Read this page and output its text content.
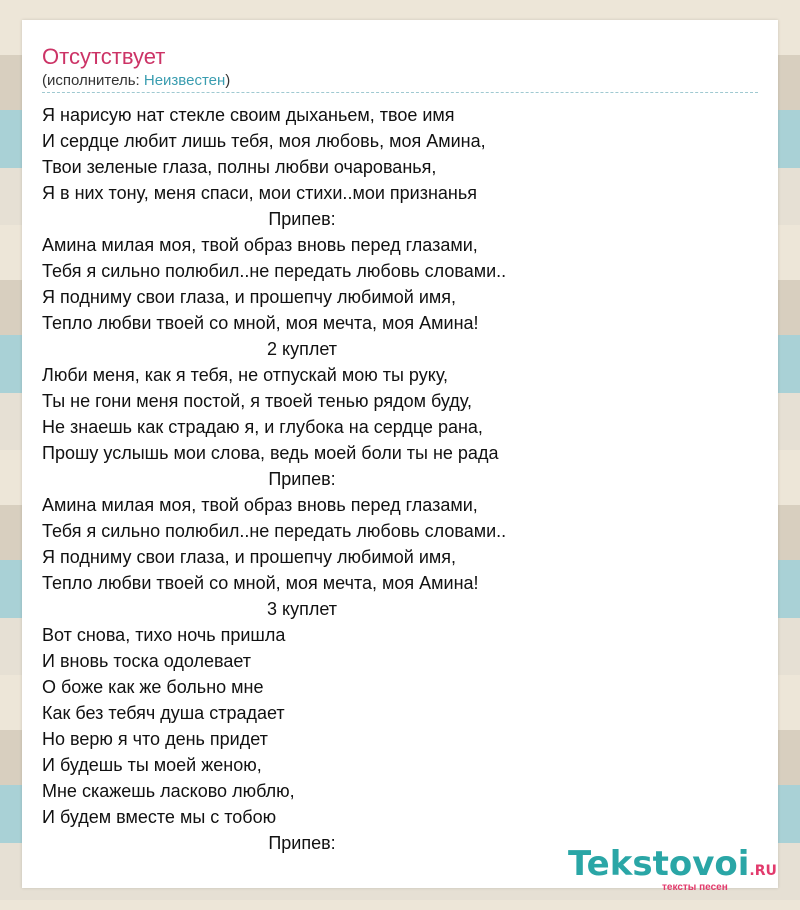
Отсутствует
(исполнитель: Неизвестен)
Я нарисую нат стекле своим дыханьем, твое имя
И сердце любит лишь тебя, моя любовь, моя Амина,
Твои зеленые глаза, полны любви очарованья,
Я в них тону, меня спаси, мои стихи..мои признанья
Припев:
Амина милая моя, твой образ вновь перед глазами,
Тебя я сильно полюбил..не передать любовь словами..
Я подниму свои глаза, и прошепчу любимой имя,
Тепло любви твоей со мной, моя мечта, моя Амина!
2 куплет
Люби меня, как я тебя, не отпускай мою ты руку,
Ты не гони меня постой, я твоей тенью рядом буду,
Не знаешь как страдаю я, и глубока на сердце рана,
Прошу услышь мои слова, ведь моей боли ты не рада
Припев:
Амина милая моя, твой образ вновь перед глазами,
Тебя я сильно полюбил..не передать любовь словами..
Я подниму свои глаза, и прошепчу любимой имя,
Тепло любви твоей со мной, моя мечта, моя Амина!
3 куплет
Вот снова, тихо ночь пришла
И вновь тоска одолевает
О боже как же больно мне
Как без тебяч душа страдает
Но верю я что день придет
И будешь ты моей женою,
Мне скажешь ласково люблю,
И будем вместе мы с тобою
Припев:
Tekstovoi.RU
тексты песен
